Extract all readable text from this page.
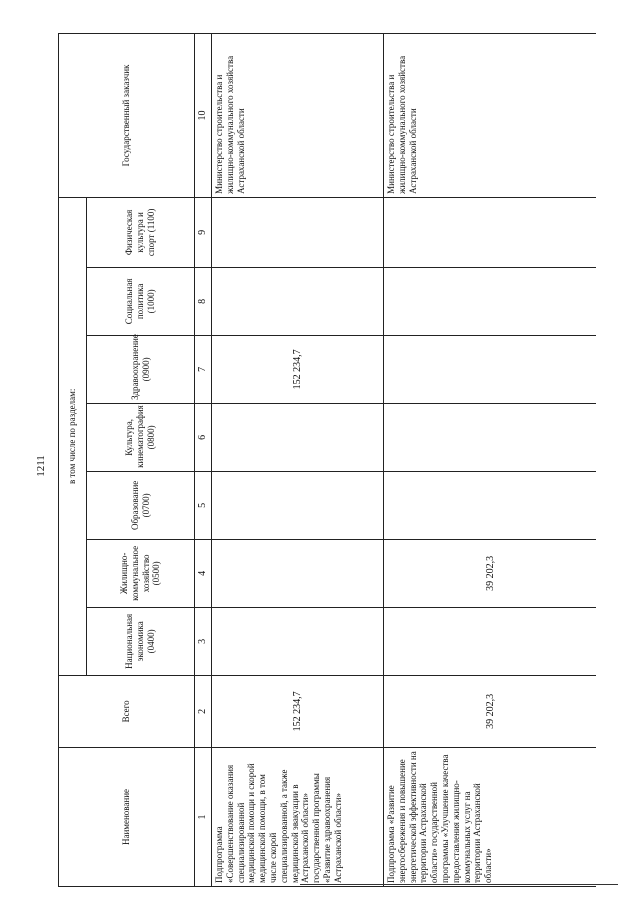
1211
Наименование	Всего	в том числе по разделам:							Государственный заказчик
		Национальная экономика (0400)	Жилищно-коммунальное хозяйство (0500)	Образование (0700)	Культура, кинематография (0800)	Здравоохранение (0900)	Социальная политика (1000)	Физическая культура и спорт (1100)	
1	2	3	4	5	6	7	8	9	10
Подпрограмма «Совершенствование оказания специализированной медицинской помощи и скорой медицинской помощи, в том числе скорой специализированной, а также медицинской эвакуации в Астраханской области» государственной программы «Развитие здравоохранения Астраханской области»	152 234,7					152 234,7			Министерство строительства и жилищно-коммунального хозяйства Астраханской области
Подпрограмма «Развитие энергосбережения и повышение энергетической эффективности на территории Астраханской области» государственной программы «Улучшение качества предоставления жилищно-коммунальных услуг на территории Астраханской области»	39 202,3		39 202,3						Министерство строительства и жилищно-коммунального хозяйства Астраханской области
